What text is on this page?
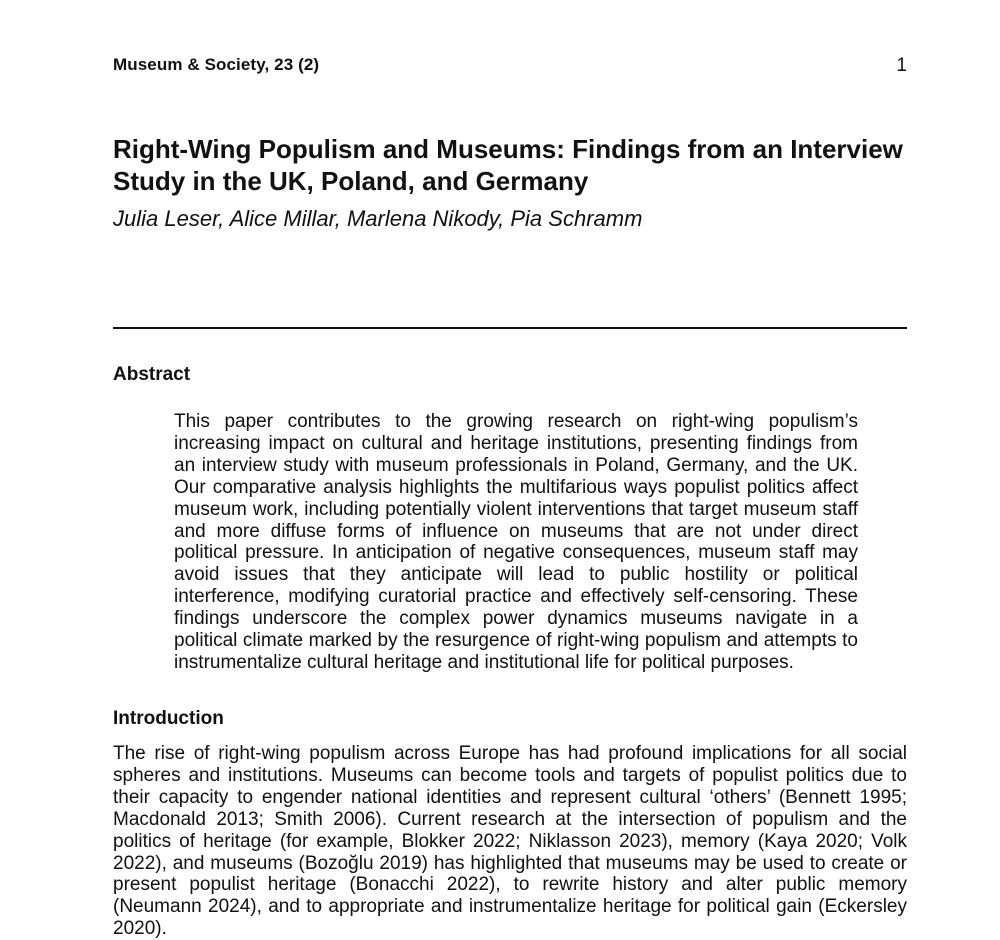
Museum & Society, 23 (2)	1
Right-Wing Populism and Museums: Findings from an Interview Study in the UK, Poland, and Germany

Julia Leser, Alice Millar, Marlena Nikody, Pia Schramm

Abstract

This paper contributes to the growing research on right-wing populism’s increasing impact on cultural and heritage institutions, presenting findings from an interview study with museum professionals in Poland, Germany, and the UK. Our comparative analysis highlights the multifarious ways populist politics affect museum work, including potentially violent interventions that target museum staff and more diffuse forms of influence on museums that are not under direct political pressure. In anticipation of negative consequences, museum staff may avoid issues that they anticipate will lead to public hostility or political interference, modifying curatorial practice and effectively self-censoring. These findings underscore the complex power dynamics museums navigate in a political climate marked by the resurgence of right-wing populism and attempts to instrumentalize cultural heritage and institutional life for political purposes.

Introduction

The rise of right-wing populism across Europe has had profound implications for all social spheres and institutions. Museums can become tools and targets of populist politics due to their capacity to engender national identities and represent cultural ‘others’ (Bennett 1995; Macdonald 2013; Smith 2006). Current research at the intersection of populism and the politics of heritage (for example, Blokker 2022; Niklasson 2023), memory (Kaya 2020; Volk 2022), and museums (Bozoğlu 2019) has highlighted that museums may be used to create or present populist heritage (Bonacchi 2022), to rewrite history and alter public memory (Neumann 2024), and to appropriate and instrumentalize heritage for political gain (Eckersley 2020).
